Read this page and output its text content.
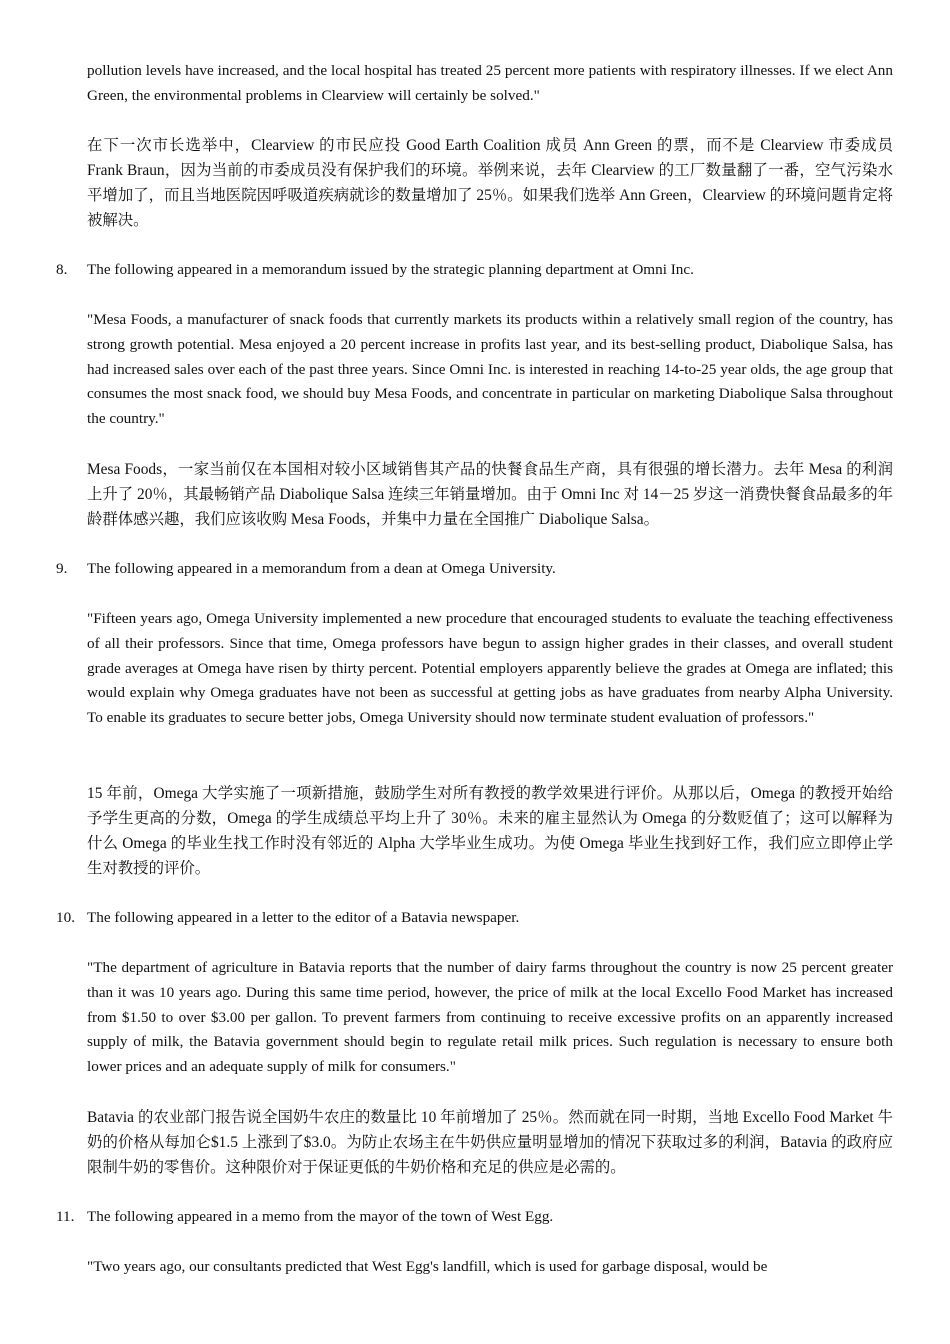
pollution levels have increased, and the local hospital has treated 25 percent more patients with respiratory illnesses. If we elect Ann Green, the environmental problems in Clearview will certainly be solved."

在下一次市长选举中，Clearview 的市民应投 Good Earth Coalition 成员 Ann Green 的票，而不是 Clearview 市委成员 Frank Braun，因为当前的市委成员没有保护我们的环境。举例来说，去年 Clearview 的工厂数量翻了一番，空气污染水平增加了，而且当地医院因呼吸道疾病就诊的数量增加了 25％。如果我们选举 Ann Green，Clearview 的环境问题肯定将被解决。

8. The following appeared in a memorandum issued by the strategic planning department at Omni Inc.

"Mesa Foods, a manufacturer of snack foods that currently markets its products within a relatively small region of the country, has strong growth potential. Mesa enjoyed a 20 percent increase in profits last year, and its best-selling product, Diabolique Salsa, has had increased sales over each of the past three years. Since Omni Inc. is interested in reaching 14-to-25 year olds, the age group that consumes the most snack food, we should buy Mesa Foods, and concentrate in particular on marketing Diabolique Salsa throughout the country."

Mesa Foods，一家当前仅在本国相对较小区域销售其产品的快餐食品生产商，具有很强的增长潜力。去年 Mesa 的利润上升了 20％，其最畅销产品 Diabolique Salsa 连续三年销量增加。由于 Omni Inc 对 14－25 岁这一消费快餐食品最多的年龄群体感兴趣，我们应该收购 Mesa Foods，并集中力量在全国推广 Diabolique Salsa。

9. The following appeared in a memorandum from a dean at Omega University.

"Fifteen years ago, Omega University implemented a new procedure that encouraged students to evaluate the teaching effectiveness of all their professors. Since that time, Omega professors have begun to assign higher grades in their classes, and overall student grade averages at Omega have risen by thirty percent. Potential employers apparently believe the grades at Omega are inflated; this would explain why Omega graduates have not been as successful at getting jobs as have graduates from nearby Alpha University. To enable its graduates to secure better jobs, Omega University should now terminate student evaluation of professors."

15 年前，Omega 大学实施了一项新措施，鼓励学生对所有教授的教学效果进行评价。从那以后，Omega 的教授开始给予学生更高的分数，Omega 的学生成绩总平均上升了 30％。未来的雇主显然认为 Omega 的分数贬值了；这可以解释为什么 Omega 的毕业生找工作时没有邻近的 Alpha 大学毕业生成功。为使 Omega 毕业生找到好工作，我们应立即停止学生对教授的评价。

10. The following appeared in a letter to the editor of a Batavia newspaper.

"The department of agriculture in Batavia reports that the number of dairy farms throughout the country is now 25 percent greater than it was 10 years ago. During this same time period, however, the price of milk at the local Excello Food Market has increased from $1.50 to over $3.00 per gallon. To prevent farmers from continuing to receive excessive profits on an apparently increased supply of milk, the Batavia government should begin to regulate retail milk prices. Such regulation is necessary to ensure both lower prices and an adequate supply of milk for consumers."

Batavia 的农业部门报告说全国奶牛农庄的数量比 10 年前增加了 25％。然而就在同一时期，当地 Excello Food Market 牛奶的价格从每加仑$1.5 上涨到了$3.0。为防止农场主在牛奶供应量明显增加的情况下获取过多的利润，Batavia 的政府应限制牛奶的零售价。这种限价对于保证更低的牛奶价格和充足的供应是必需的。

11. The following appeared in a memo from the mayor of the town of West Egg.

"Two years ago, our consultants predicted that West Egg's landfill, which is used for garbage disposal, would be
